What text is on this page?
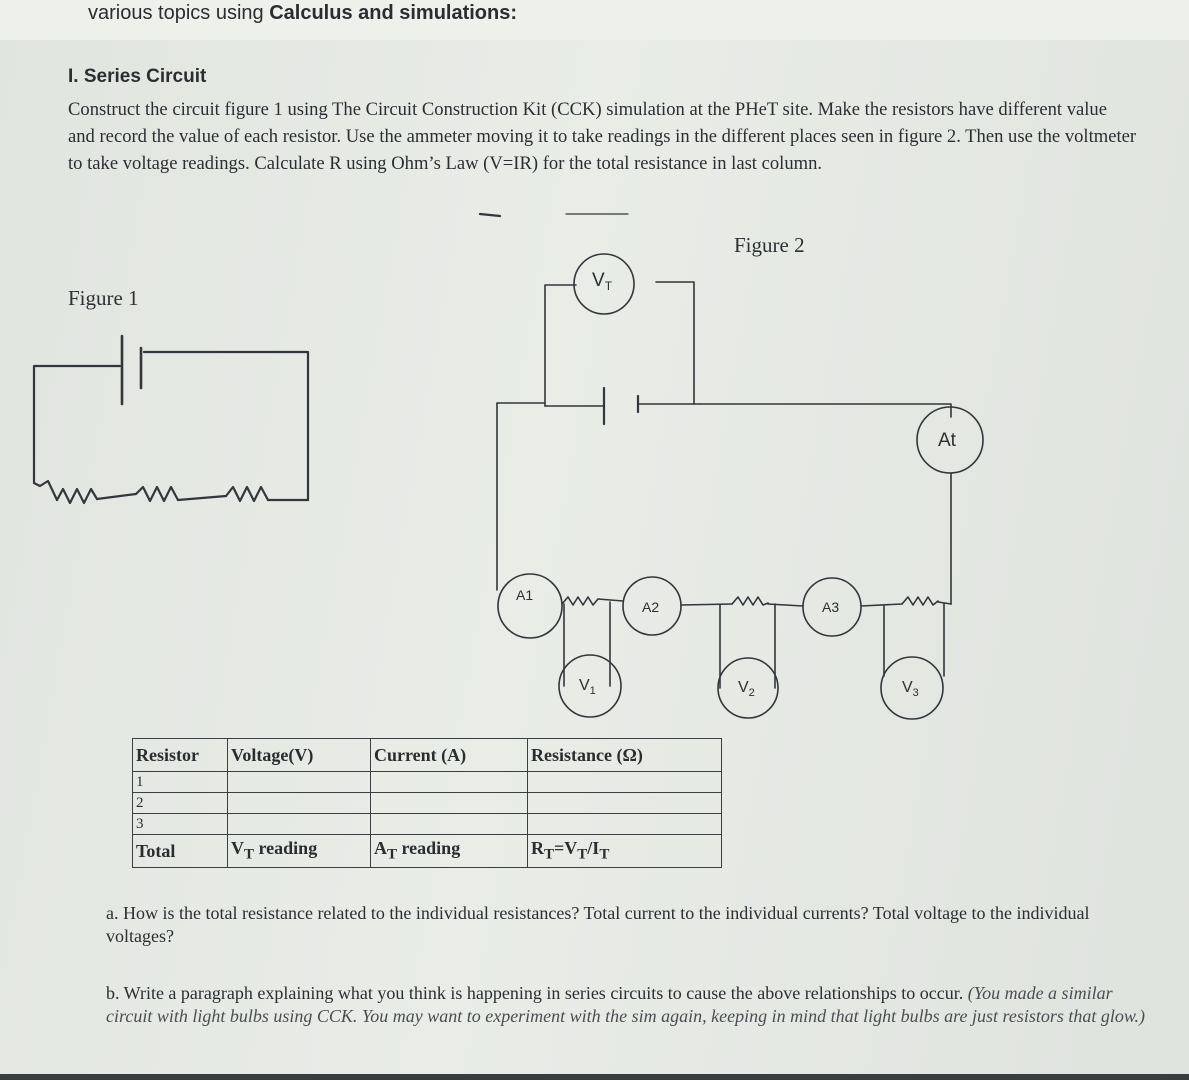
various topics using Calculus and simulations:
I. Series Circuit
Construct the circuit figure 1 using The Circuit Construction Kit (CCK) simulation at the PHeT site. Make the resistors have different value and record the value of each resistor. Use the ammeter moving it to take readings in the different places seen in figure 2. Then use the voltmeter to take voltage readings. Calculate R using Ohm’s Law (V=IR) for the total resistance in last column.
Figure 1
Figure 2
$V_T$
At
A1
A2	A3
$V_1$	$V_2$	$V_3$
Resistor	Voltage(V)	Current (A)	Resistance (Ω)
1			
2			
3			
Total	$V_T$ reading	$A_T$ reading	$R_T=V_T/I_T$
a. How is the total resistance related to the individual resistances? Total current to the individual currents? Total voltage to the individual voltages?
b. Write a paragraph explaining what you think is happening in series circuits to cause the above relationships to occur. (You made a similar circuit with light bulbs using CCK. You may want to experiment with the sim again, keeping in mind that light bulbs are just resistors that glow.)
